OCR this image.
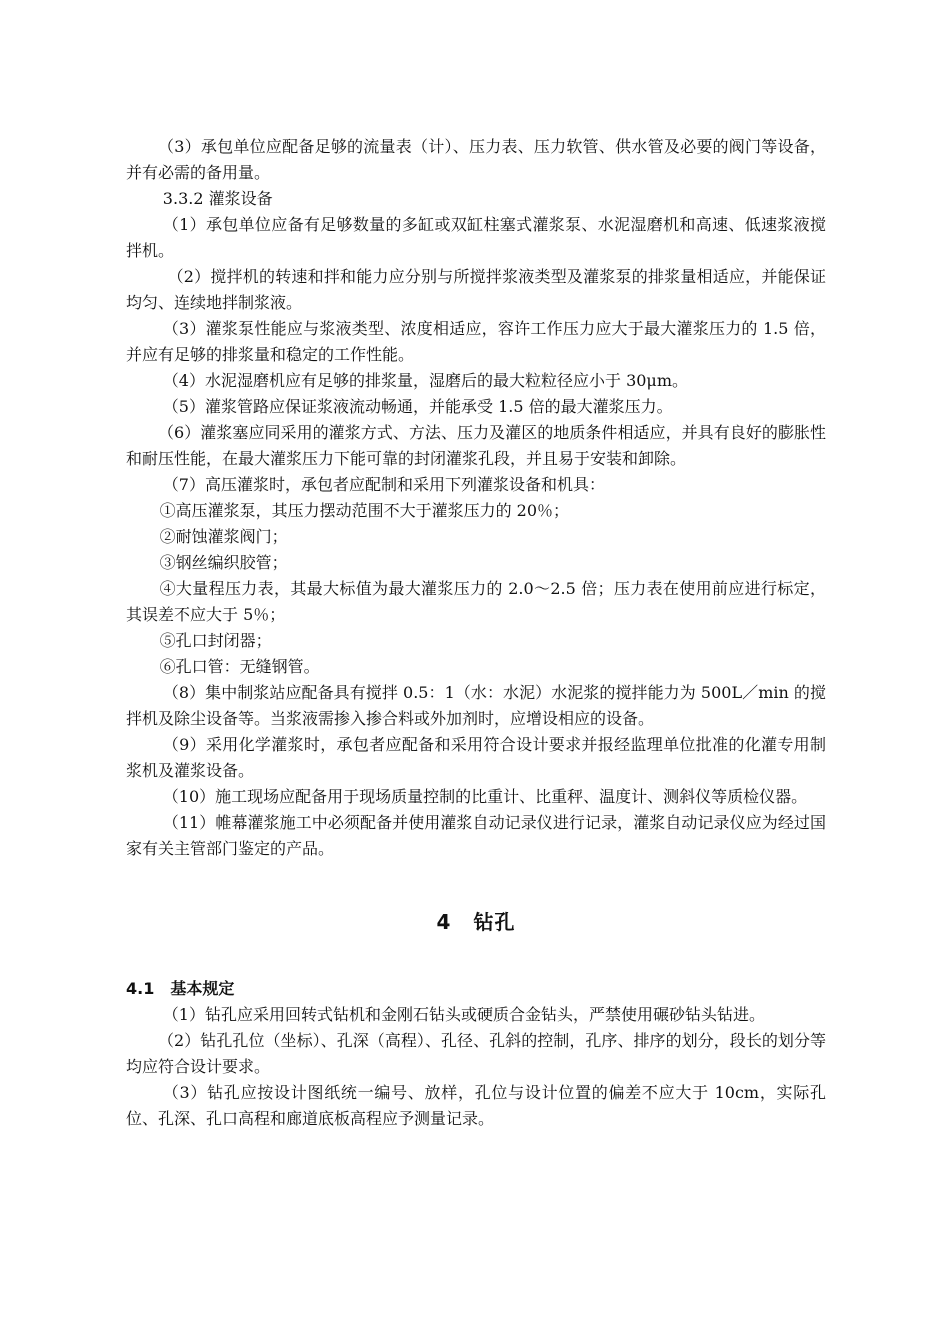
（3）承包单位应配备足够的流量表（计）、压力表、压力软管、供水管及必要的阀门等设备，并有必需的备用量。

3.3.2 灌浆设备

（1）承包单位应备有足够数量的多缸或双缸柱塞式灌浆泵、水泥湿磨机和高速、低速浆液搅拌机。

（2）搅拌机的转速和拌和能力应分别与所搅拌浆液类型及灌浆泵的排浆量相适应，并能保证均匀、连续地拌制浆液。

（3）灌浆泵性能应与浆液类型、浓度相适应，容许工作压力应大于最大灌浆压力的 1.5 倍，并应有足够的排浆量和稳定的工作性能。

（4）水泥湿磨机应有足够的排浆量，湿磨后的最大粒粒径应小于 30μm。

（5）灌浆管路应保证浆液流动畅通，并能承受 1.5 倍的最大灌浆压力。

（6）灌浆塞应同采用的灌浆方式、方法、压力及灌区的地质条件相适应，并具有良好的膨胀性和耐压性能，在最大灌浆压力下能可靠的封闭灌浆孔段，并且易于安装和卸除。

（7）高压灌浆时，承包者应配制和采用下列灌浆设备和机具：

①高压灌浆泵，其压力摆动范围不大于灌浆压力的 20％；

②耐蚀灌浆阀门；

③钢丝编织胶管；

④大量程压力表，其最大标值为最大灌浆压力的 2.0～2.5 倍；压力表在使用前应进行标定，其误差不应大于 5％；

⑤孔口封闭器；

⑥孔口管：无缝钢管。

（8）集中制浆站应配备具有搅拌 0.5：1（水：水泥）水泥浆的搅拌能力为 500L／min 的搅拌机及除尘设备等。当浆液需掺入掺合料或外加剂时，应增设相应的设备。

（9）采用化学灌浆时，承包者应配备和采用符合设计要求并报经监理单位批准的化灌专用制浆机及灌浆设备。

（10）施工现场应配备用于现场质量控制的比重计、比重秤、温度计、测斜仪等质检仪器。

（11）帷幕灌浆施工中必须配备并使用灌浆自动记录仪进行记录，灌浆自动记录仪应为经过国家有关主管部门鉴定的产品。

4 钻孔
4.1 基本规定

（1）钻孔应采用回转式钻机和金刚石钻头或硬质合金钻头，严禁使用碾砂钻头钻进。

（2）钻孔孔位（坐标）、孔深（高程）、孔径、孔斜的控制，孔序、排序的划分，段长的划分等均应符合设计要求。

（3）钻孔应按设计图纸统一编号、放样，孔位与设计位置的偏差不应大于 10cm，实际孔位、孔深、孔口高程和廊道底板高程应予测量记录。
